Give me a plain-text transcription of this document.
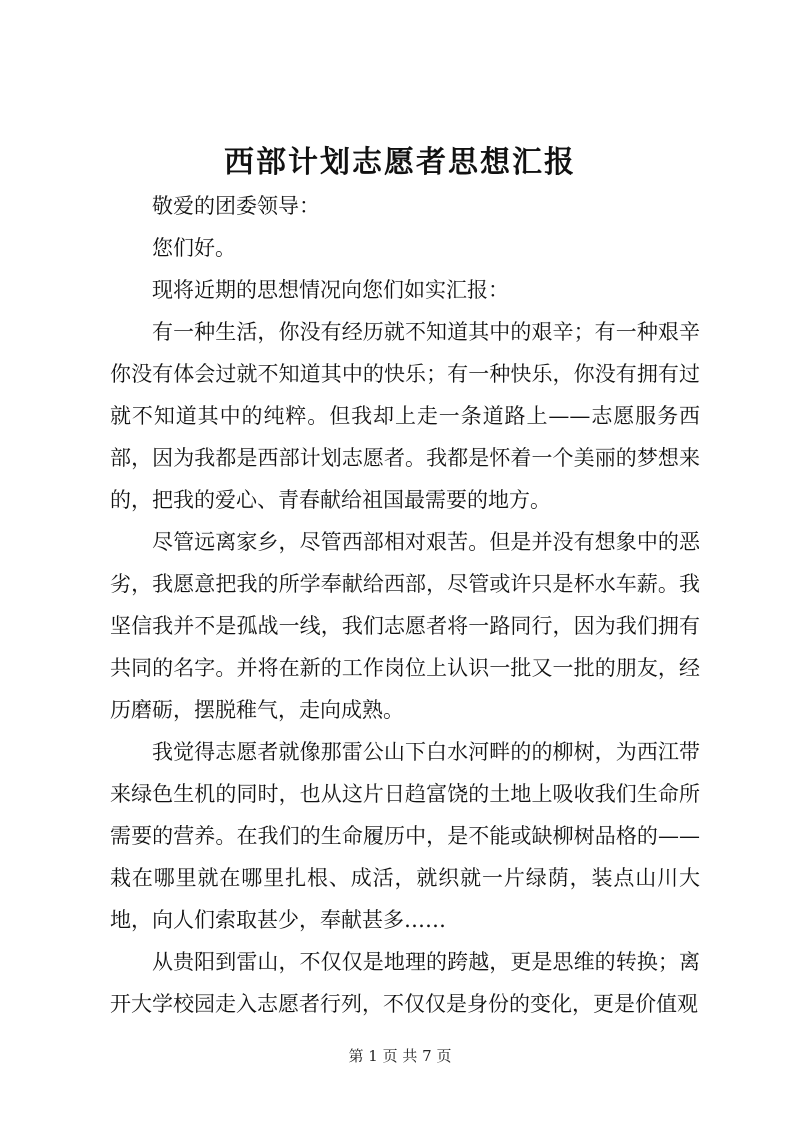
西部计划志愿者思想汇报

敬爱的团委领导：

您们好。

现将近期的思想情况向您们如实汇报：

有一种生活，你没有经历就不知道其中的艰辛；有一种艰辛你没有体会过就不知道其中的快乐；有一种快乐，你没有拥有过就不知道其中的纯粹。但我却上走一条道路上——志愿服务西部，因为我都是西部计划志愿者。我都是怀着一个美丽的梦想来的，把我的爱心、青春献给祖国最需要的地方。

尽管远离家乡，尽管西部相对艰苦。但是并没有想象中的恶劣，我愿意把我的所学奉献给西部，尽管或许只是杯水车薪。我坚信我并不是孤战一线，我们志愿者将一路同行，因为我们拥有共同的名字。并将在新的工作岗位上认识一批又一批的朋友，经历磨砺，摆脱稚气，走向成熟。

我觉得志愿者就像那雷公山下白水河畔的的柳树，为西江带来绿色生机的同时，也从这片日趋富饶的土地上吸收我们生命所需要的营养。在我们的生命履历中，是不能或缺柳树品格的——栽在哪里就在哪里扎根、成活，就织就一片绿荫，装点山川大地，向人们索取甚少，奉献甚多……

从贵阳到雷山，不仅仅是地理的跨越，更是思维的转换；离开大学校园走入志愿者行列，不仅仅是身份的变化，更是价值观

第 1 页 共 7 页
